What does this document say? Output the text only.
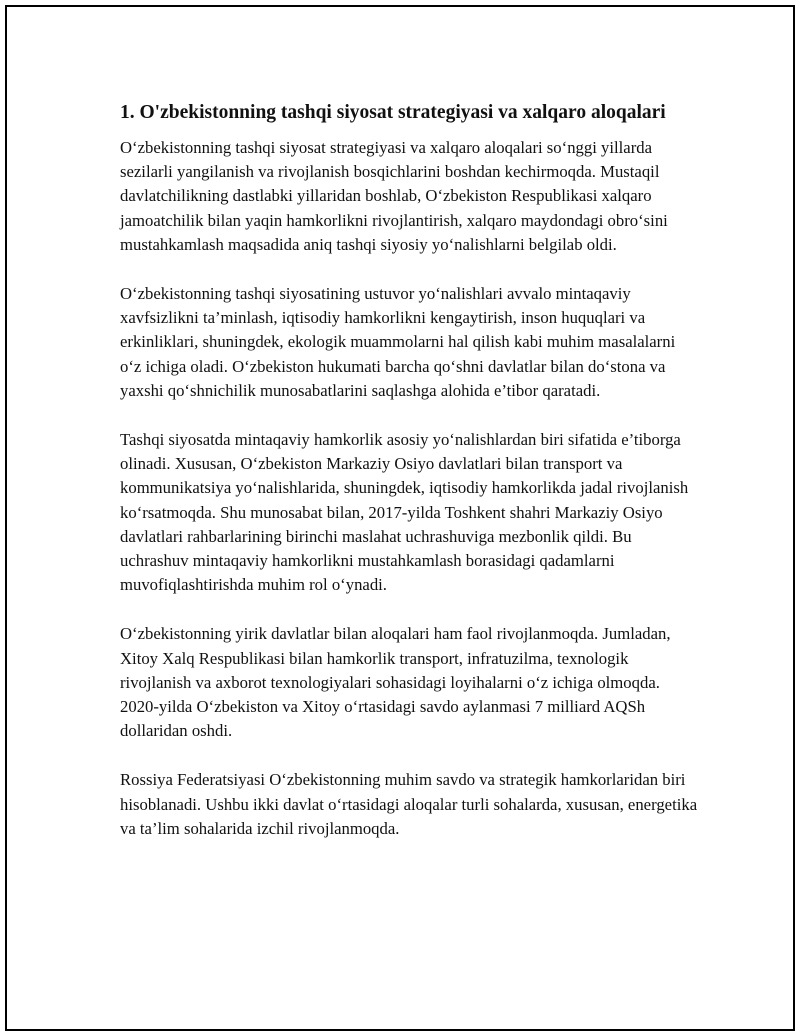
1. O'zbekistonning tashqi siyosat strategiyasi va xalqaro aloqalari

O‘zbekistonning tashqi siyosat strategiyasi va xalqaro aloqalari so‘nggi yillarda sezilarli yangilanish va rivojlanish bosqichlarini boshdan kechirmoqda. Mustaqil davlatchilikning dastlabki yillaridan boshlab, O‘zbekiston Respublikasi xalqaro jamoatchilik bilan yaqin hamkorlikni rivojlantirish, xalqaro maydondagi obro‘sini mustahkamlash maqsadida aniq tashqi siyosiy yo‘nalishlarni belgilab oldi.

O‘zbekistonning tashqi siyosatining ustuvor yo‘nalishlari avvalo mintaqaviy xavfsizlikni ta’minlash, iqtisodiy hamkorlikni kengaytirish, inson huquqlari va erkinliklari, shuningdek, ekologik muammolarni hal qilish kabi muhim masalalarni o‘z ichiga oladi. O‘zbekiston hukumati barcha qo‘shni davlatlar bilan do‘stona va yaxshi qo‘shnichilik munosabatlarini saqlashga alohida e’tibor qaratadi.

Tashqi siyosatda mintaqaviy hamkorlik asosiy yo‘nalishlardan biri sifatida e’tiborga olinadi. Xususan, O‘zbekiston Markaziy Osiyo davlatlari bilan transport va kommunikatsiya yo‘nalishlarida, shuningdek, iqtisodiy hamkorlikda jadal rivojlanish ko‘rsatmoqda. Shu munosabat bilan, 2017-yilda Toshkent shahri Markaziy Osiyo davlatlari rahbarlarining birinchi maslahat uchrashuviga mezbonlik qildi. Bu uchrashuv mintaqaviy hamkorlikni mustahkamlash borasidagi qadamlarni muvofiqlashtirishda muhim rol o‘ynadi.

O‘zbekistonning yirik davlatlar bilan aloqalari ham faol rivojlanmoqda. Jumladan, Xitoy Xalq Respublikasi bilan hamkorlik transport, infratuzilma, texnologik rivojlanish va axborot texnologiyalari sohasidagi loyihalarni o‘z ichiga olmoqda. 2020-yilda O‘zbekiston va Xitoy o‘rtasidagi savdo aylanmasi 7 milliard AQSh dollaridan oshdi.

Rossiya Federatsiyasi O‘zbekistonning muhim savdo va strategik hamkorlaridan biri hisoblanadi. Ushbu ikki davlat o‘rtasidagi aloqalar turli sohalarda, xususan, energetika va ta’lim sohalarida izchil rivojlanmoqda.
